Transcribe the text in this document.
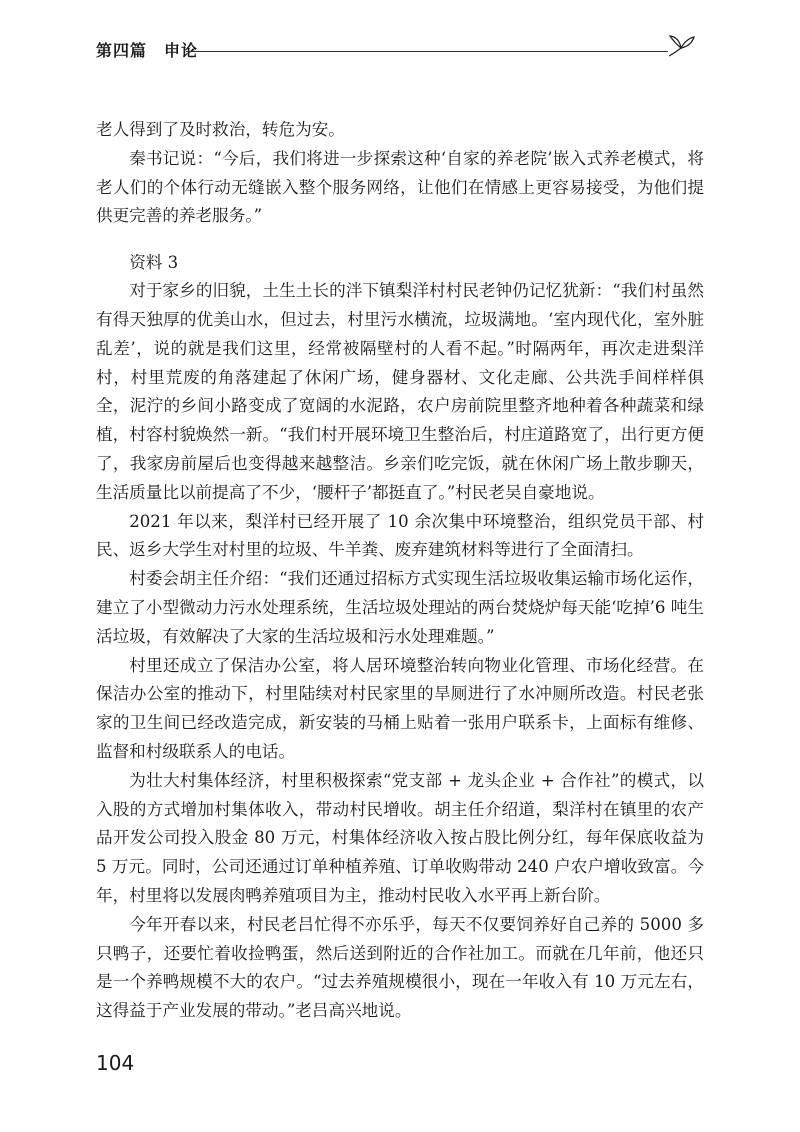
第四篇　申论

老人得到了及时救治，转危为安。

秦书记说：“今后，我们将进一步探索这种‘自家的养老院’嵌入式养老模式，将老人们的个体行动无缝嵌入整个服务网络，让他们在情感上更容易接受，为他们提供更完善的养老服务。”

资料 3

对于家乡的旧貌，土生土长的泮下镇梨洋村村民老钟仍记忆犹新：“我们村虽然有得天独厚的优美山水，但过去，村里污水横流，垃圾满地。‘室内现代化，室外脏乱差’，说的就是我们这里，经常被隔壁村的人看不起。”时隔两年，再次走进梨洋村，村里荒废的角落建起了休闲广场，健身器材、文化走廊、公共洗手间样样俱全，泥泞的乡间小路变成了宽阔的水泥路，农户房前院里整齐地种着各种蔬菜和绿植，村容村貌焕然一新。“我们村开展环境卫生整治后，村庄道路宽了，出行更方便了，我家房前屋后也变得越来越整洁。乡亲们吃完饭，就在休闲广场上散步聊天，生活质量比以前提高了不少，‘腰杆子’都挺直了。”村民老吴自豪地说。

2021 年以来，梨洋村已经开展了 10 余次集中环境整治，组织党员干部、村民、返乡大学生对村里的垃圾、牛羊粪、废弃建筑材料等进行了全面清扫。

村委会胡主任介绍：“我们还通过招标方式实现生活垃圾收集运输市场化运作，建立了小型微动力污水处理系统，生活垃圾处理站的两台焚烧炉每天能‘吃掉’6 吨生活垃圾，有效解决了大家的生活垃圾和污水处理难题。”

村里还成立了保洁办公室，将人居环境整治转向物业化管理、市场化经营。在保洁办公室的推动下，村里陆续对村民家里的旱厕进行了水冲厕所改造。村民老张家的卫生间已经改造完成，新安装的马桶上贴着一张用户联系卡，上面标有维修、监督和村级联系人的电话。

为壮大村集体经济，村里积极探索“党支部 + 龙头企业 + 合作社”的模式，以入股的方式增加村集体收入，带动村民增收。胡主任介绍道，梨洋村在镇里的农产品开发公司投入股金 80 万元，村集体经济收入按占股比例分红，每年保底收益为 5 万元。同时，公司还通过订单种植养殖、订单收购带动 240 户农户增收致富。今年，村里将以发展肉鸭养殖项目为主，推动村民收入水平再上新台阶。

今年开春以来，村民老吕忙得不亦乐乎，每天不仅要饲养好自己养的 5000 多只鸭子，还要忙着收捡鸭蛋，然后送到附近的合作社加工。而就在几年前，他还只是一个养鸭规模不大的农户。“过去养殖规模很小，现在一年收入有 10 万元左右，这得益于产业发展的带动。”老吕高兴地说。

104
